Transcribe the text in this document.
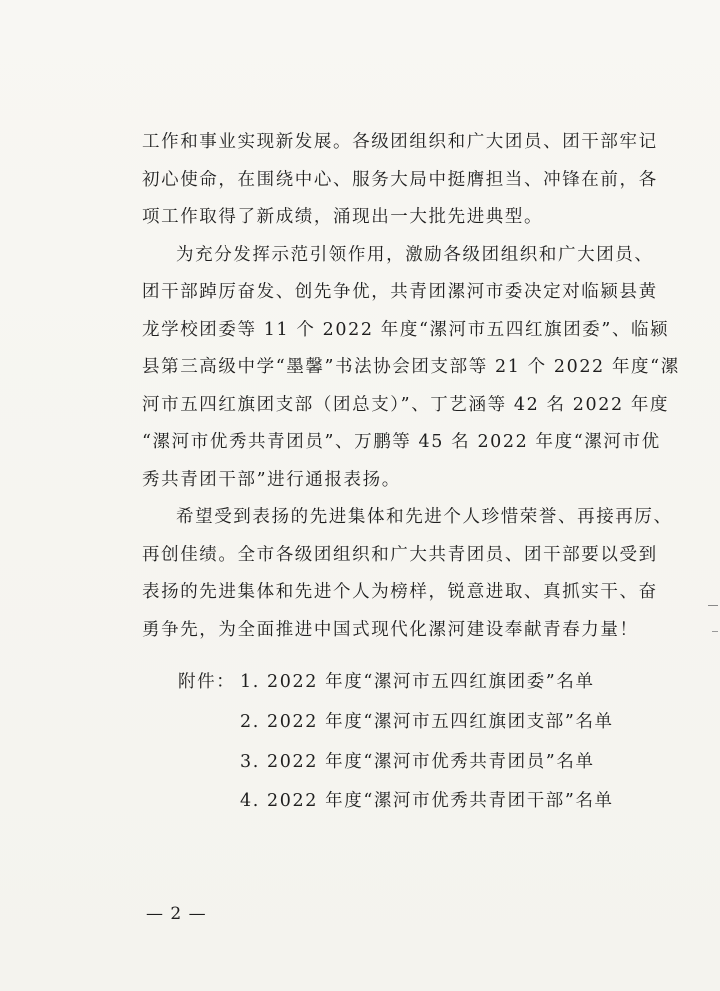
工作和事业实现新发展。各级团组织和广大团员、团干部牢记
初心使命，在围绕中心、服务大局中挺膺担当、冲锋在前，各
项工作取得了新成绩，涌现出一大批先进典型。

为充分发挥示范引领作用，激励各级团组织和广大团员、
团干部踔厉奋发、创先争优，共青团漯河市委决定对临颍县黄
龙学校团委等 11 个 2022 年度“漯河市五四红旗团委”、临颍
县第三高级中学“墨馨”书法协会团支部等 21 个 2022 年度“漯
河市五四红旗团支部（团总支）”、丁艺涵等 42 名 2022 年度
“漯河市优秀共青团员”、万鹏等 45 名 2022 年度“漯河市优
秀共青团干部”进行通报表扬。

希望受到表扬的先进集体和先进个人珍惜荣誉、再接再厉、
再创佳绩。全市各级团组织和广大共青团员、团干部要以受到
表扬的先进集体和先进个人为榜样，锐意进取、真抓实干、奋
勇争先，为全面推进中国式现代化漯河建设奉献青春力量！

附件： 1. 2022 年度“漯河市五四红旗团委”名单
2. 2022 年度“漯河市五四红旗团支部”名单
3. 2022 年度“漯河市优秀共青团员”名单
4. 2022 年度“漯河市优秀共青团干部”名单
— 2 —
